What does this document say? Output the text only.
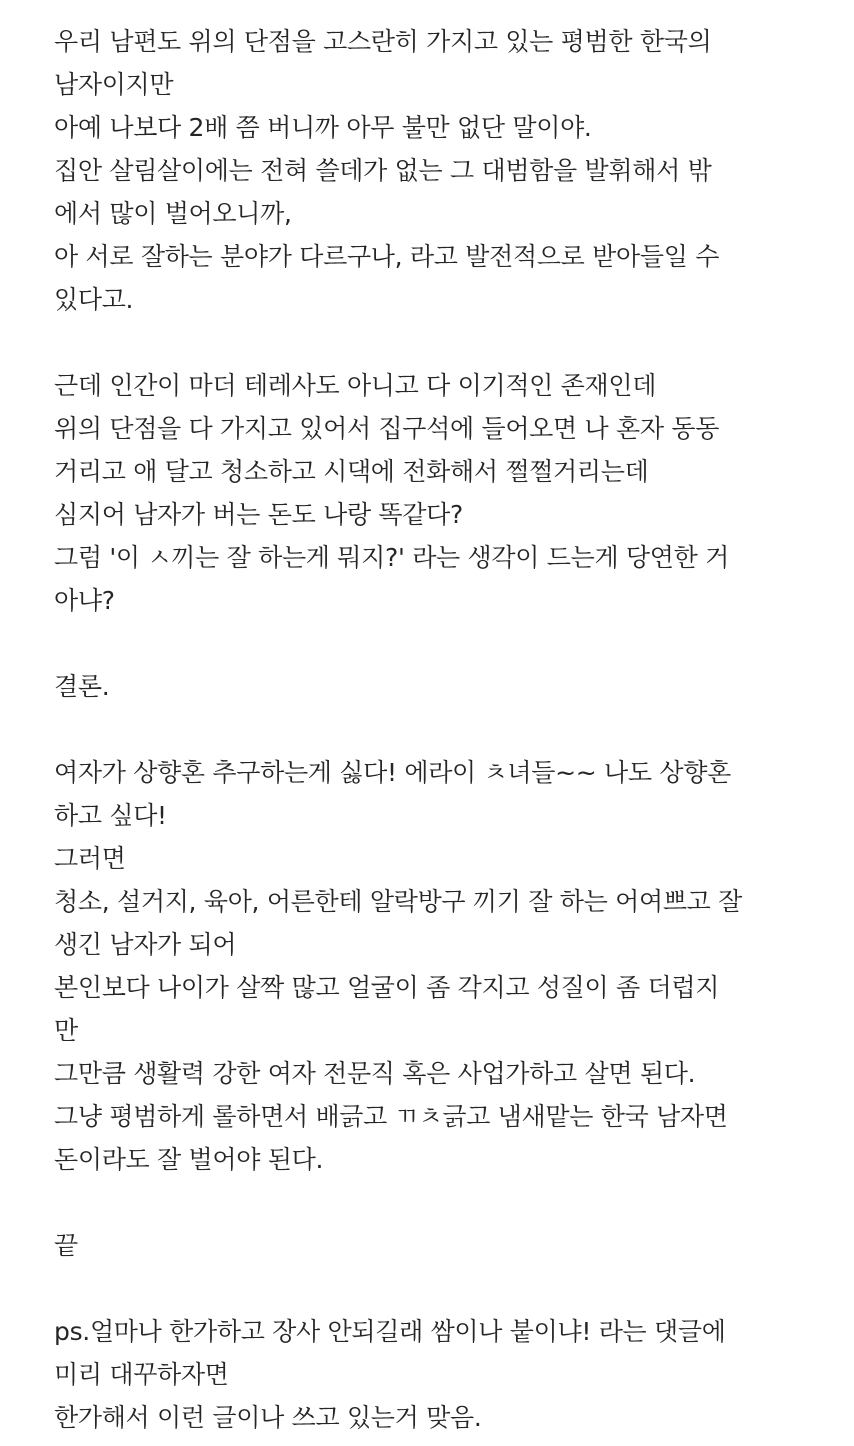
우리 남편도 위의 단점을 고스란히 가지고 있는 평범한 한국의
남자이지만
아예 나보다 2배 쯤 버니까 아무 불만 없단 말이야.
집안 살림살이에는 전혀 쓸데가 없는 그 대범함을 발휘해서 밖
에서 많이 벌어오니까,
아 서로 잘하는 분야가 다르구나, 라고 발전적으로 받아들일 수
있다고.
근데 인간이 마더 테레사도 아니고 다 이기적인 존재인데
위의 단점을 다 가지고 있어서 집구석에 들어오면 나 혼자 동동
거리고 애 달고 청소하고 시댁에 전화해서 쩔쩔거리는데
심지어 남자가 버는 돈도 나랑 똑같다?
그럼 '이 ㅅ끼는 잘 하는게 뭐지?' 라는 생각이 드는게 당연한 거
아냐?
결론.
여자가 상향혼 추구하는게 싫다! 에라이 ㅊ녀들~~ 나도 상향혼
하고 싶다!
그러면
청소, 설거지, 육아, 어른한테 알락방구 끼기 잘 하는 어여쁘고 잘
생긴 남자가 되어
본인보다 나이가 살짝 많고 얼굴이 좀 각지고 성질이 좀 더럽지
만
그만큼 생활력 강한 여자 전문직 혹은 사업가하고 살면 된다.
그냥 평범하게 롤하면서 배긁고 ㄲㅊ긁고 냄새맡는 한국 남자면
돈이라도 잘 벌어야 된다.
끝
ps.얼마나 한가하고 장사 안되길래 쌈이나 붙이냐! 라는 댓글에
미리 대꾸하자면
한가해서 이런 글이나 쓰고 있는거 맞음.
